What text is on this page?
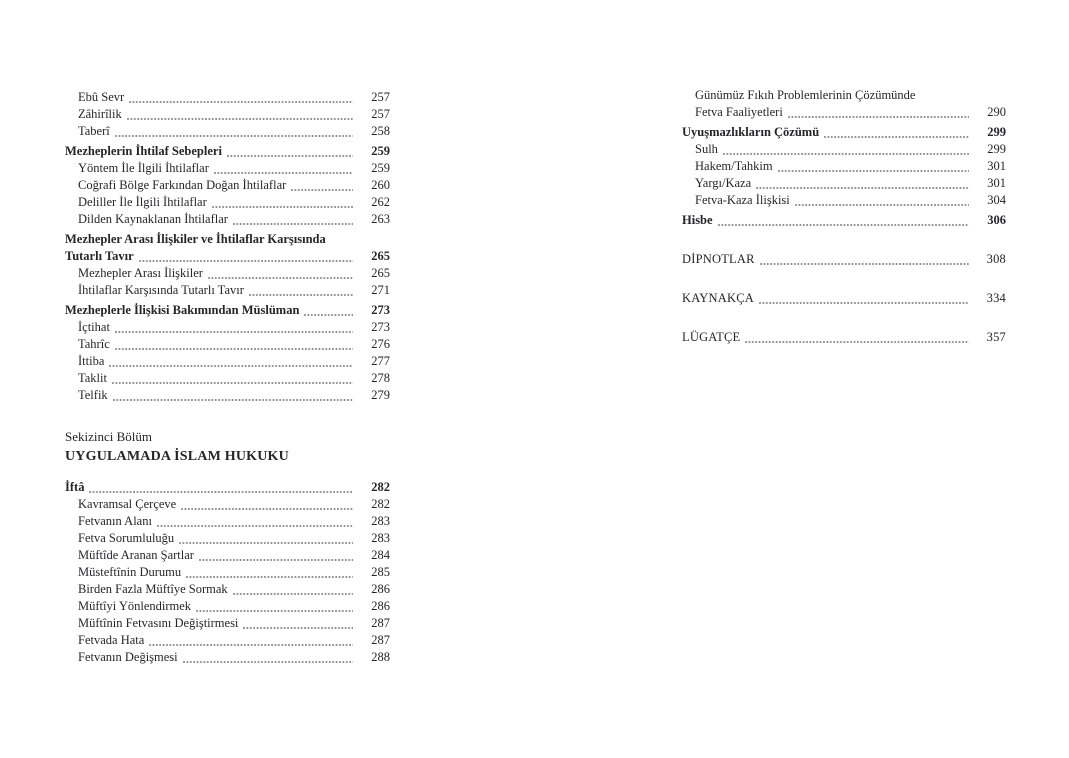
Ebû Sevr	257
Zâhirîlik	257
Taberî	258
Mezheplerin İhtilaf Sebepleri	259
Yöntem İle İlgili İhtilaflar	259
Coğrafi Bölge Farkından Doğan İhtilaflar	260
Deliller İle İlgili İhtilaflar	262
Dilden Kaynaklanan İhtilaflar	263
Mezhepler Arası İlişkiler ve İhtilaflar Karşısında
Tutarlı Tavır	265
Mezhepler Arası İlişkiler	265
İhtilaflar Karşısında Tutarlı Tavır	271
Mezheplerle İlişkisi Bakımından Müslüman	273
İçtihat	273
Tahrîc	276
İttiba	277
Taklit	278
Telfik	279
Sekizinci Bölüm
UYGULAMADA İSLAM HUKUKU
İftâ	282
Kavramsal Çerçeve	282
Fetvanın Alanı	283
Fetva Sorumluluğu	283
Müftîde Aranan Şartlar	284
Müsteftînin Durumu	285
Birden Fazla Müftîye Sormak	286
Müftîyi Yönlendirmek	286
Müftînin Fetvasını Değiştirmesi	287
Fetvada Hata	287
Fetvanın Değişmesi	288
Günümüz Fıkıh Problemlerinin Çözümünde
Fetva Faaliyetleri	290
Uyuşmazlıkların Çözümü	299
Sulh	299
Hakem/Tahkim	301
Yargı/Kaza	301
Fetva-Kaza İlişkisi	304
Hisbe	306
DİPNOTLAR	308
KAYNAKÇA	334
LÜGATÇE	357
